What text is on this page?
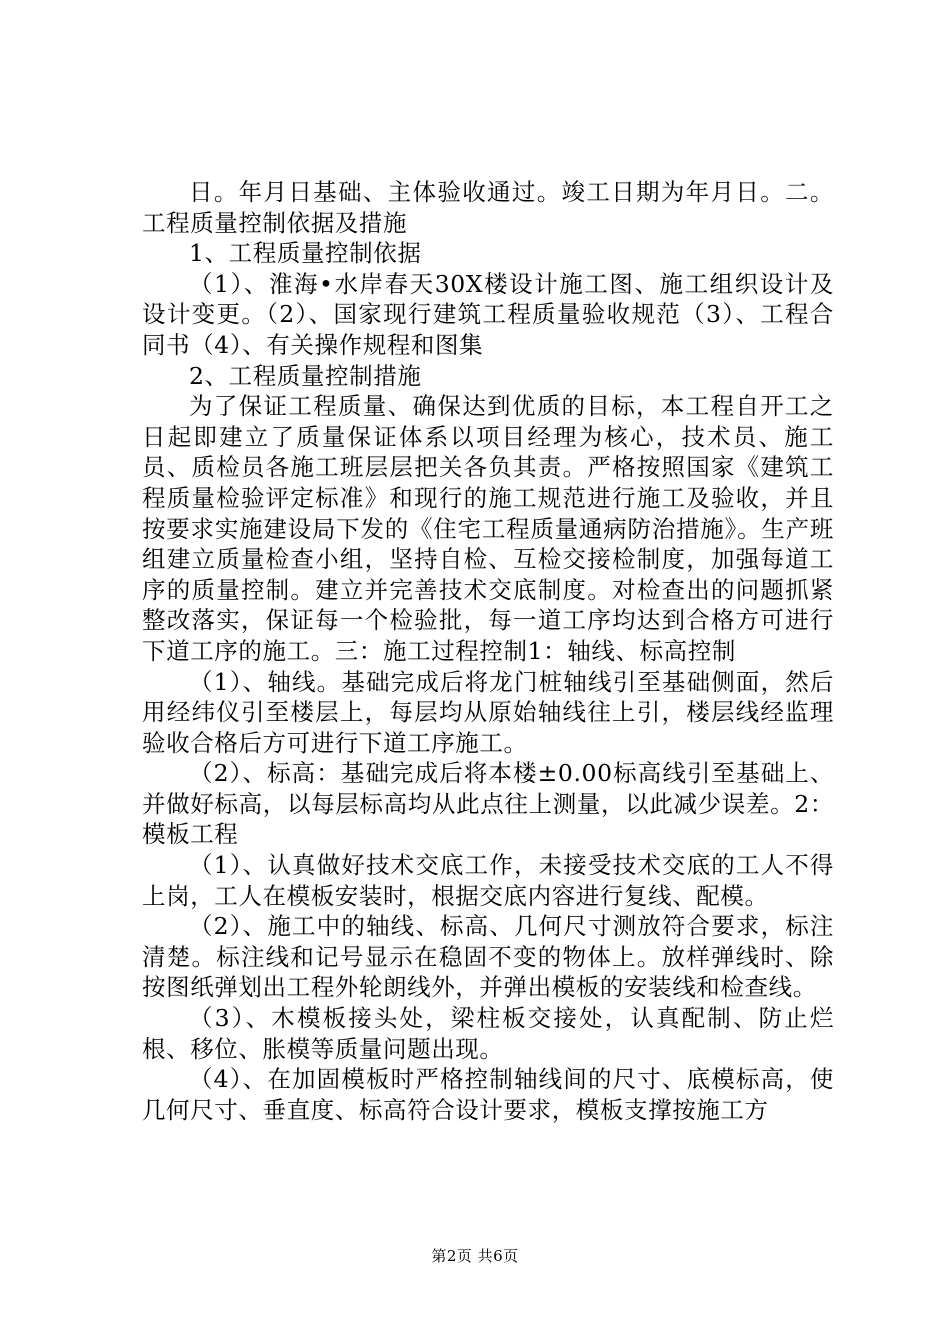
日。年月日基础、主体验收通过。竣工日期为年月日。二。工程质量控制依据及措施

1、工程质量控制依据

（1）、淮海•水岸春天30X楼设计施工图、施工组织设计及设计变更。（2）、国家现行建筑工程质量验收规范（3）、工程合同书（4）、有关操作规程和图集

2、工程质量控制措施

为了保证工程质量、确保达到优质的目标，本工程自开工之日起即建立了质量保证体系以项目经理为核心，技术员、施工员、质检员各施工班层层把关各负其责。严格按照国家《建筑工程质量检验评定标准》和现行的施工规范进行施工及验收，并且按要求实施建设局下发的《住宅工程质量通病防治措施》。生产班组建立质量检查小组，坚持自检、互检交接检制度，加强每道工序的质量控制。建立并完善技术交底制度。对检查出的问题抓紧整改落实，保证每一个检验批，每一道工序均达到合格方可进行下道工序的施工。三：施工过程控制1：轴线、标高控制

（1）、轴线。基础完成后将龙门桩轴线引至基础侧面，然后用经纬仪引至楼层上，每层均从原始轴线往上引，楼层线经监理验收合格后方可进行下道工序施工。

（2）、标高：基础完成后将本楼±0.00标高线引至基础上、并做好标高，以每层标高均从此点往上测量，以此减少误差。2：模板工程

（1）、认真做好技术交底工作，未接受技术交底的工人不得上岗，工人在模板安装时，根据交底内容进行复线、配模。

（2）、施工中的轴线、标高、几何尺寸测放符合要求，标注清楚。标注线和记号显示在稳固不变的物体上。放样弹线时、除按图纸弹划出工程外轮朗线外，并弹出模板的安装线和检查线。

（3）、木模板接头处，梁柱板交接处，认真配制、防止烂根、移位、胀模等质量问题出现。

（4）、在加固模板时严格控制轴线间的尺寸、底模标高，使几何尺寸、垂直度、标高符合设计要求，模板支撑按施工方

第2页 共6页
